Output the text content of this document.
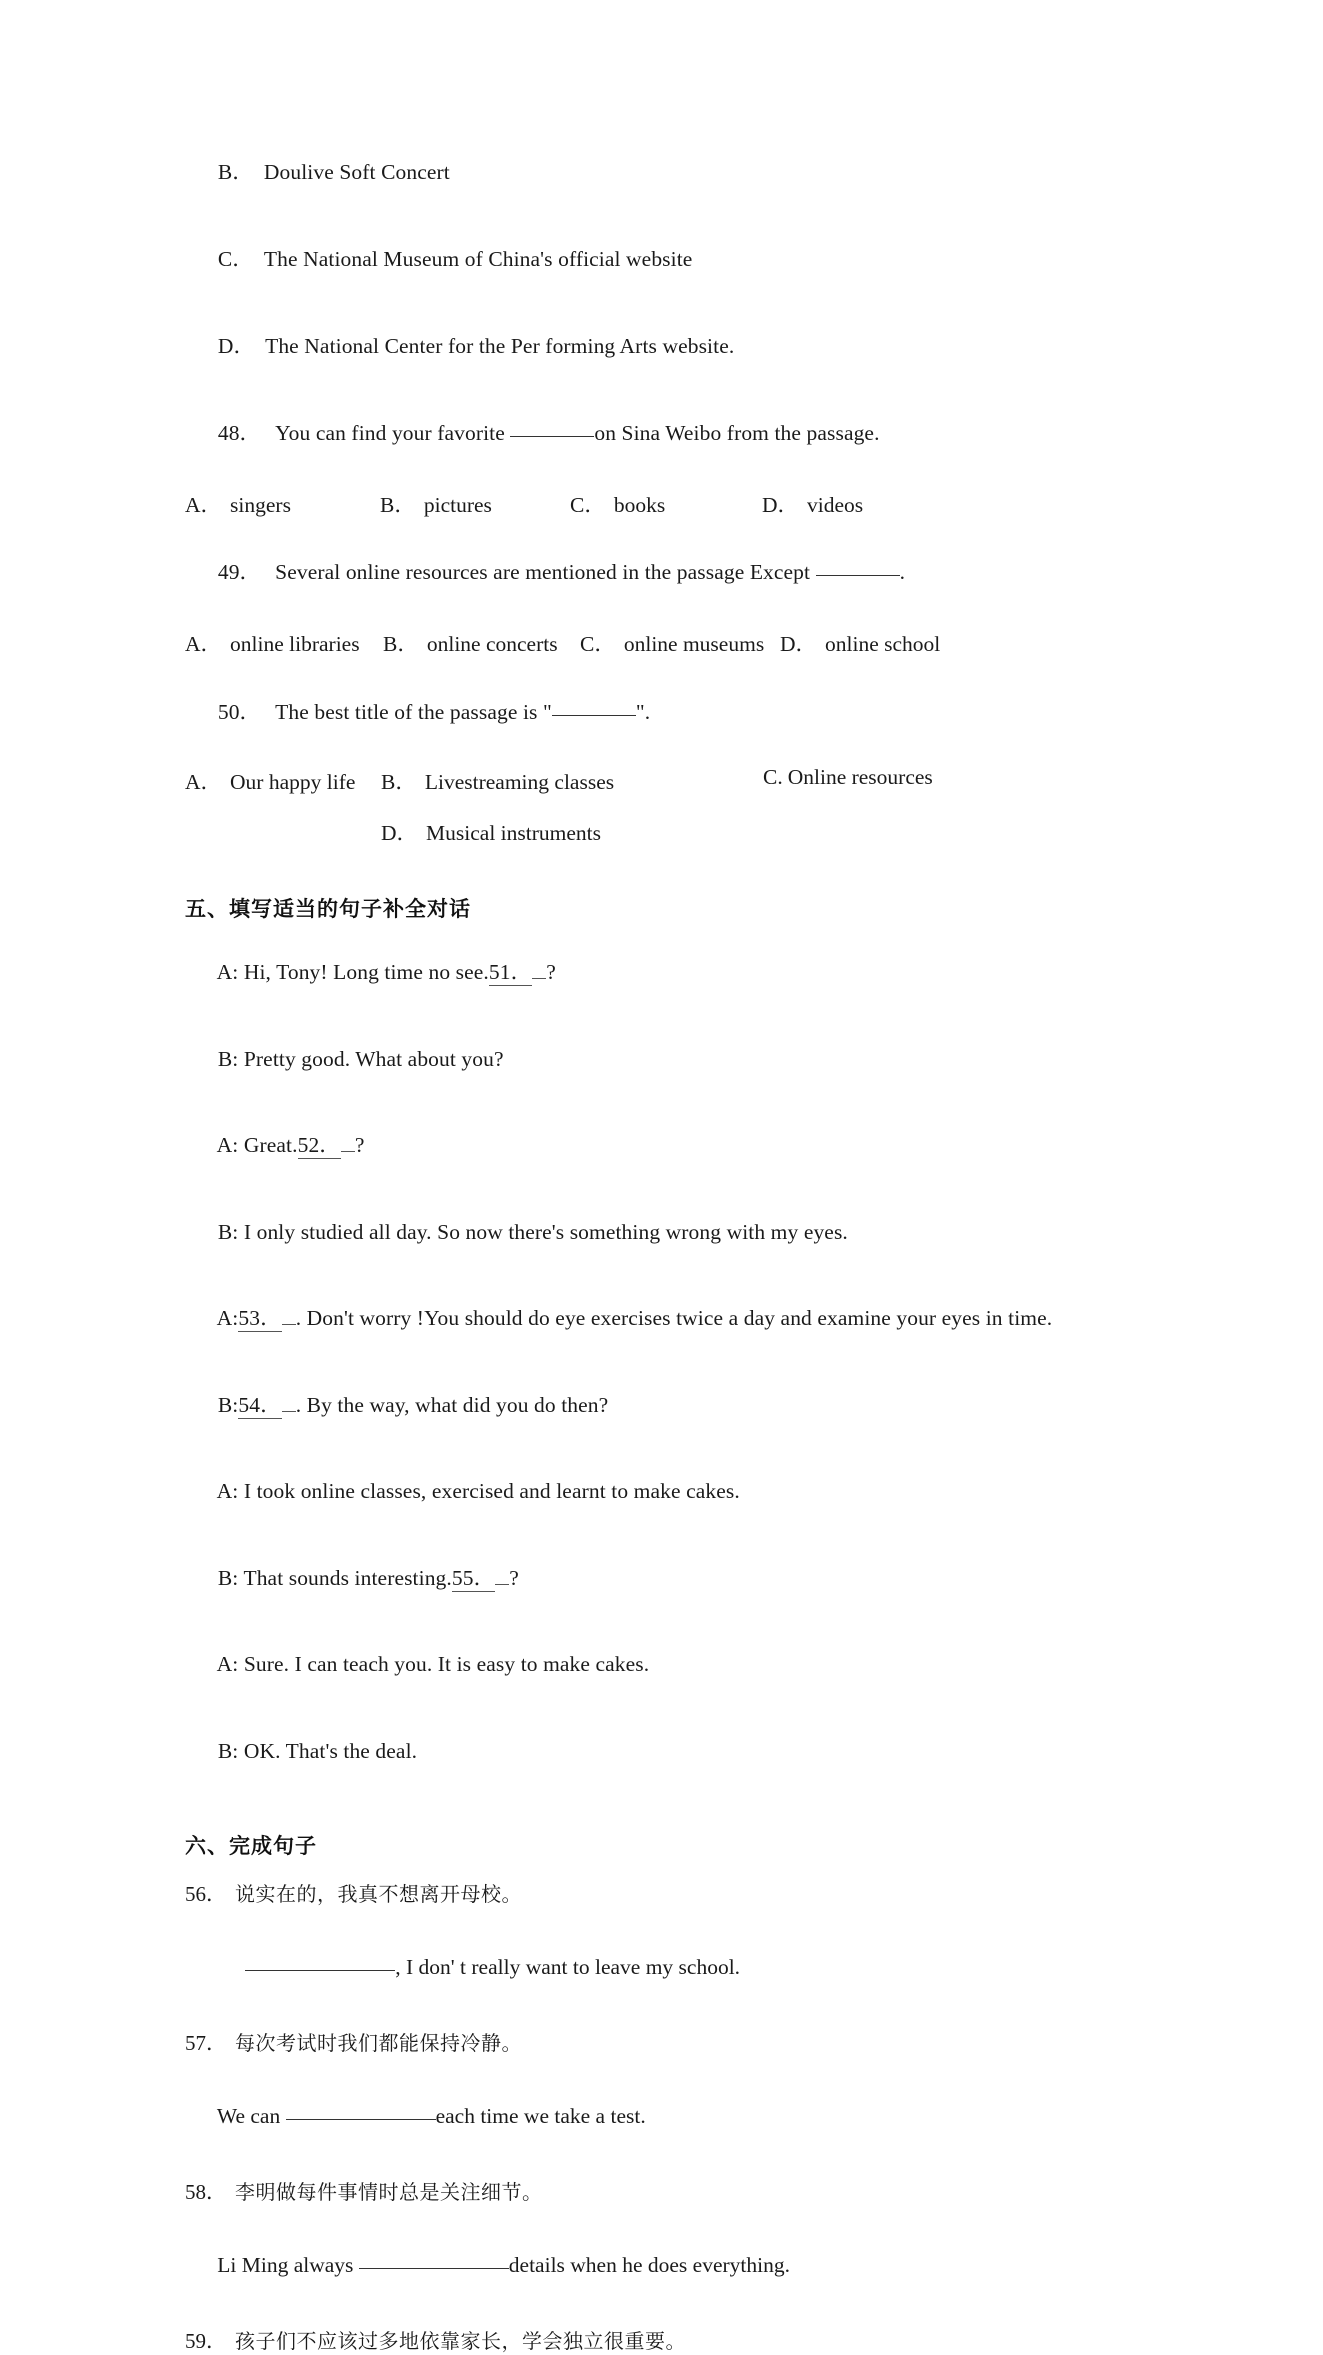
B． Doulive Soft Concert

C． The National Museum of China's official website

D． The National Center for the Per forming Arts website.

48． You can find your favorite	on Sina Weibo from the passage.

A． singers	B． pictures	C． books	D． videos

49． Several online resources are mentioned in the passage Except	.

A． online libraries	B． online concerts	C． online museums D． online school

50． The best title of the passage is "	".

A． Our happy life	B． Livestreaming classes	C. Online resources
D． Musical instruments
五、填写适当的句子补全对话

A: Hi, Tony! Long time no see.51． ?

B: Pretty good. What about you?

A: Great.52． ?

B: I only studied all day. So now there's something wrong with my eyes.

A:53． . Don't worry !You should do eye exercises twice a day and examine your eyes in time.

B:54． . By the way, what did you do then?

A: I took online classes, exercised and learnt to make cakes.

B: That sounds interesting.55． ?

A: Sure. I can teach you. It is easy to make cakes.

B: OK. That's the deal.

六、完成句子
56． 说实在的，我真不想离开母校。

, I don' t really want to leave my school.

57． 每次考试时我们都能保持冷静。

We can	each time we take a test.

58． 李明做每件事情时总是关注细节。

Li Ming always	details when he does everything.

59． 孩子们不应该过多地依靠家长，学会独立很重要。
